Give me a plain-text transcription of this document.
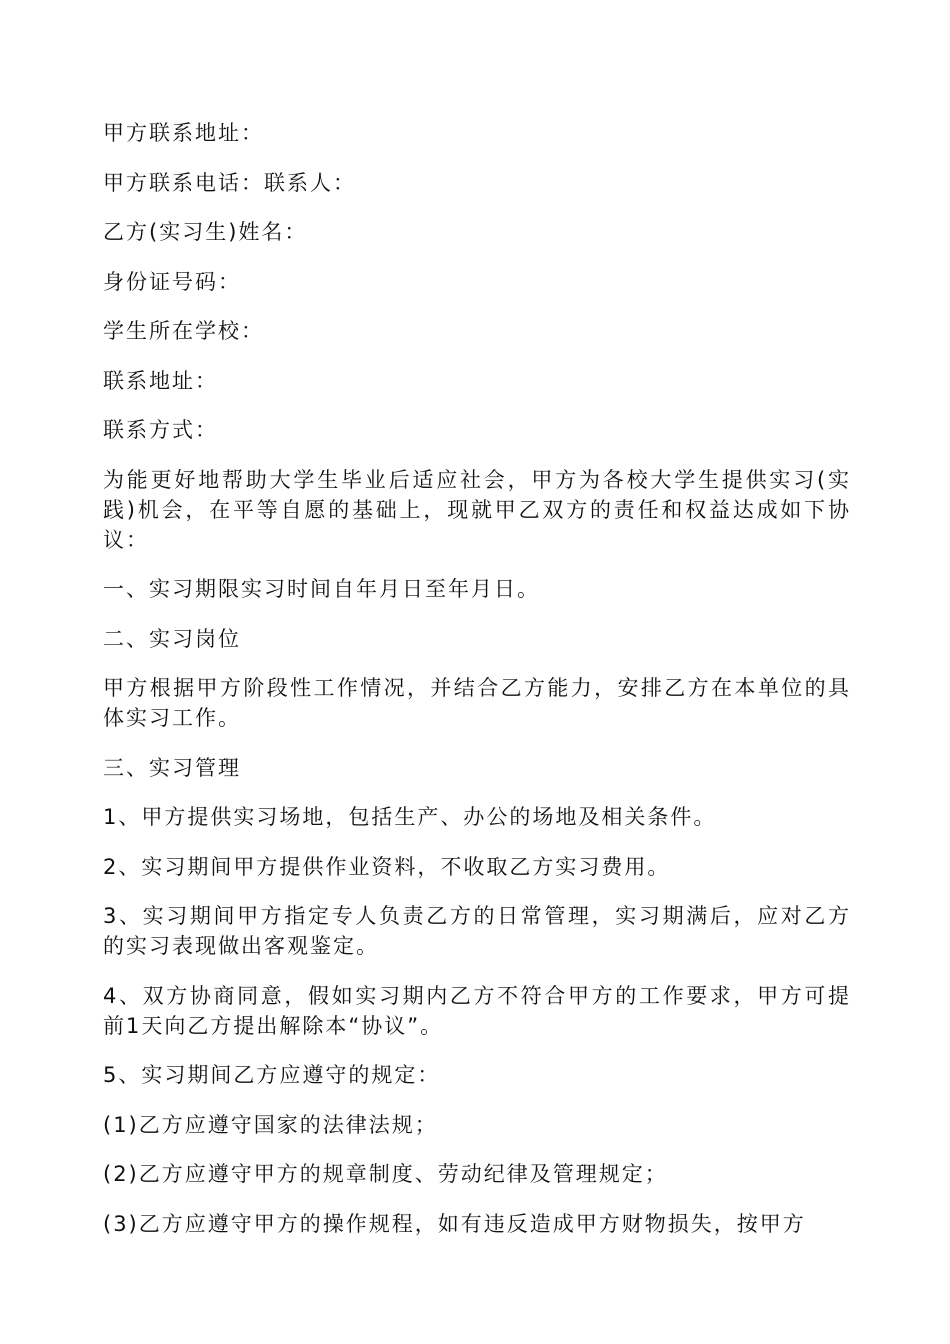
甲方联系地址：

甲方联系电话：联系人：

乙方(实习生)姓名：

身份证号码：

学生所在学校：

联系地址：

联系方式：

为能更好地帮助大学生毕业后适应社会，甲方为各校大学生提供实习(实践)机会，在平等自愿的基础上，现就甲乙双方的责任和权益达成如下协议：

一、实习期限实习时间自年月日至年月日。

二、实习岗位

甲方根据甲方阶段性工作情况，并结合乙方能力，安排乙方在本单位的具体实习工作。

三、实习管理

1、甲方提供实习场地，包括生产、办公的场地及相关条件。

2、实习期间甲方提供作业资料，不收取乙方实习费用。

3、实习期间甲方指定专人负责乙方的日常管理，实习期满后，应对乙方的实习表现做出客观鉴定。

4、双方协商同意，假如实习期内乙方不符合甲方的工作要求，甲方可提前1天向乙方提出解除本“协议”。

5、实习期间乙方应遵守的规定：

(1)乙方应遵守国家的法律法规；

(2)乙方应遵守甲方的规章制度、劳动纪律及管理规定；

(3)乙方应遵守甲方的操作规程，如有违反造成甲方财物损失，按甲方
